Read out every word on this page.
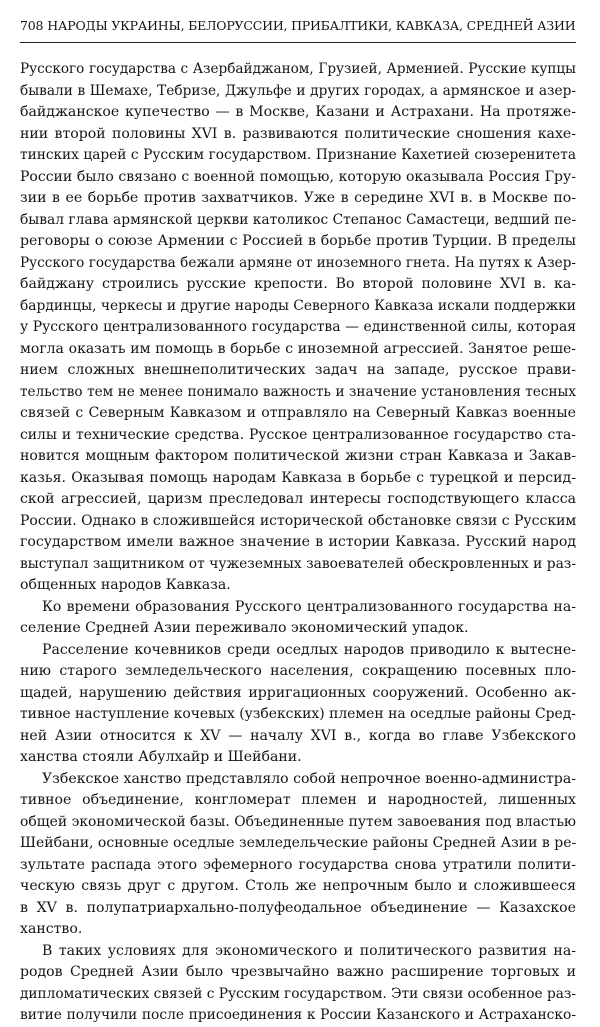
708 НАРОДЫ УКРАИНЫ, БЕЛОРУССИИ, ПРИБАЛТИКИ, КАВКАЗА, СРЕДНЕЙ АЗИИ
Русского государства с Азербайджаном, Грузией, Арменией. Русские купцы
бывали в Шемахе, Тебризе, Джульфе и других городах, а армянское и азер-
байджанское купечество — в Москве, Казани и Астрахани. На протяже-
нии второй половины XVI в. развиваются политические сношения кахе-
тинских царей с Русским государством. Признание Кахетией сюзеренитета
России было связано с военной помощью, которую оказывала Россия Гру-
зии в ее борьбе против захватчиков. Уже в середине XVI в. в Москве по-
бывал глава армянской церкви католикос Степанос Самастеци, ведший пе-
реговоры о союзе Армении с Россией в борьбе против Турции. В пределы
Русского государства бежали армяне от иноземного гнета. На путях к Азер-
байджану строились русские крепости. Во второй половине XVI в. ка-
бардинцы, черкесы и другие народы Северного Кавказа искали поддержки
у Русского централизованного государства — единственной силы, которая
могла оказать им помощь в борьбе с иноземной агрессией. Занятое реше-
нием сложных внешнеполитических задач на западе, русское прави-
тельство тем не менее понимало важность и значение установления тесных
связей с Северным Кавказом и отправляло на Северный Кавказ военные
силы и технические средства. Русское централизованное государство ста-
новится мощным фактором политической жизни стран Кавказа и Закав-
казья. Оказывая помощь народам Кавказа в борьбе с турецкой и персид-
ской агрессией, царизм преследовал интересы господствующего класса
России. Однако в сложившейся исторической обстановке связи с Русским
государством имели важное значение в истории Кавказа. Русский народ
выступал защитником от чужеземных завоевателей обескровленных и раз-
общенных народов Кавказа.
Ко времени образования Русского централизованного государства на-
селение Средней Азии переживало экономический упадок.
Расселение кочевников среди оседлых народов приводило к вытесне-
нию старого земледельческого населения, сокращению посевных пло-
щадей, нарушению действия ирригационных сооружений. Особенно ак-
тивное наступление кочевых (узбекских) племен на оседлые районы Сред-
ней Азии относится к XV — началу XVI в., когда во главе Узбекского
ханства стояли Абулхайр и Шейбани.
Узбекское ханство представляло собой непрочное военно-администра-
тивное объединение, конгломерат племен и народностей, лишенных
общей экономической базы. Объединенные путем завоевания под властью
Шейбани, основные оседлые земледельческие районы Средней Азии в ре-
зультате распада этого эфемерного государства снова утратили полити-
ческую связь друг с другом. Столь же непрочным было и сложившееся
в XV в. полупатриархально-полуфеодальное объединение — Казахское
ханство.
В таких условиях для экономического и политического развития на-
родов Средней Азии было чрезвычайно важно расширение торговых и
дипломатических связей с Русским государством. Эти связи особенное раз-
витие получили после присоединения к России Казанского и Астраханско-
